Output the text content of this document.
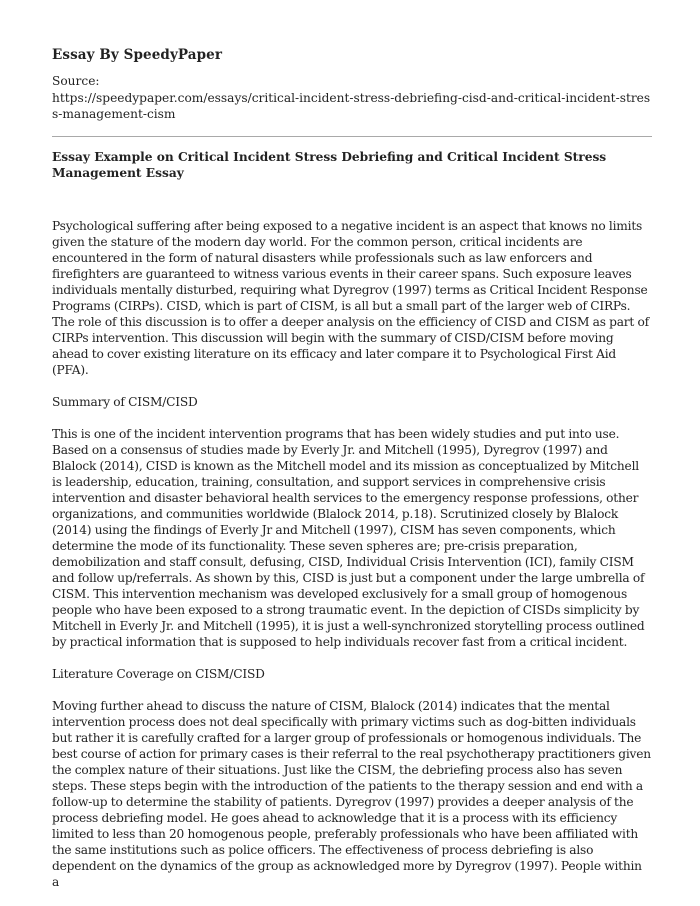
Essay By SpeedyPaper
Source:
https://speedypaper.com/essays/critical-incident-stress-debriefing-cisd-and-critical-incident-stress-management-cism
Essay Example on Critical Incident Stress Debriefing and Critical Incident Stress Management Essay

Psychological suffering after being exposed to a negative incident is an aspect that knows no limits given the stature of the modern day world. For the common person, critical incidents are encountered in the form of natural disasters while professionals such as law enforcers and firefighters are guaranteed to witness various events in their career spans. Such exposure leaves individuals mentally disturbed, requiring what Dyregrov (1997) terms as Critical Incident Response Programs (CIRPs). CISD, which is part of CISM, is all but a small part of the larger web of CIRPs. The role of this discussion is to offer a deeper analysis on the efficiency of CISD and CISM as part of CIRPs intervention. This discussion will begin with the summary of CISD/CISM before moving ahead to cover existing literature on its efficacy and later compare it to Psychological First Aid (PFA).

Summary of CISM/CISD

This is one of the incident intervention programs that has been widely studies and put into use. Based on a consensus of studies made by Everly Jr. and Mitchell (1995), Dyregrov (1997) and Blalock (2014), CISD is known as the Mitchell model and its mission as conceptualized by Mitchell is leadership, education, training, consultation, and support services in comprehensive crisis intervention and disaster behavioral health services to the emergency response professions, other organizations, and communities worldwide (Blalock 2014, p.18). Scrutinized closely by Blalock (2014) using the findings of Everly Jr and Mitchell (1997), CISM has seven components, which determine the mode of its functionality. These seven spheres are; pre-crisis preparation, demobilization and staff consult, defusing, CISD, Individual Crisis Intervention (ICI), family CISM and follow up/referrals. As shown by this, CISD is just but a component under the large umbrella of CISM. This intervention mechanism was developed exclusively for a small group of homogenous people who have been exposed to a strong traumatic event. In the depiction of CISDs simplicity by Mitchell in Everly Jr. and Mitchell (1995), it is just a well-synchronized storytelling process outlined by practical information that is supposed to help individuals recover fast from a critical incident.

Literature Coverage on CISM/CISD

Moving further ahead to discuss the nature of CISM, Blalock (2014) indicates that the mental intervention process does not deal specifically with primary victims such as dog-bitten individuals but rather it is carefully crafted for a larger group of professionals or homogenous individuals. The best course of action for primary cases is their referral to the real psychotherapy practitioners given the complex nature of their situations. Just like the CISM, the debriefing process also has seven steps. These steps begin with the introduction of the patients to the therapy session and end with a follow-up to determine the stability of patients. Dyregrov (1997) provides a deeper analysis of the process debriefing model. He goes ahead to acknowledge that it is a process with its efficiency limited to less than 20 homogenous people, preferably professionals who have been affiliated with the same institutions such as police officers. The effectiveness of process debriefing is also dependent on the dynamics of the group as acknowledged more by Dyregrov (1997). People within a
